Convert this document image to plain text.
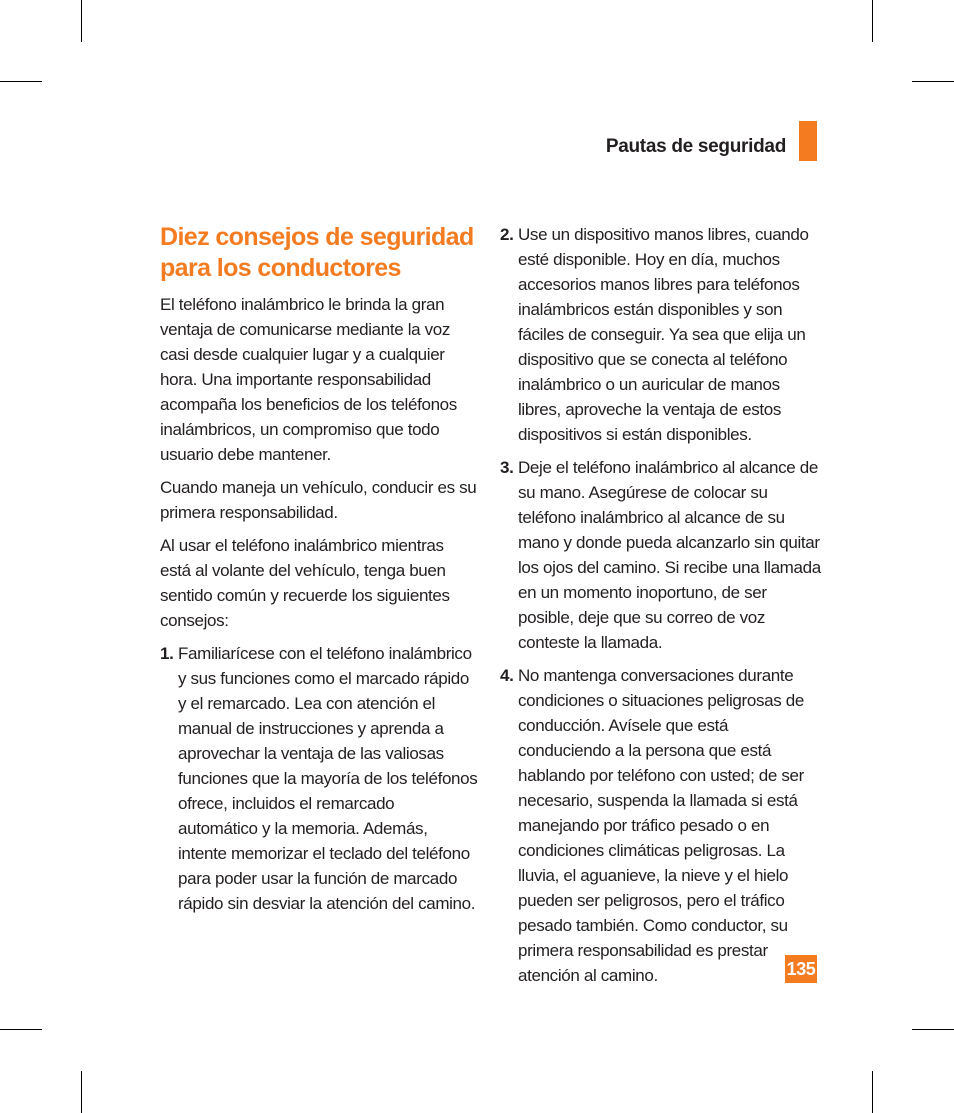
Pautas de seguridad
Diez consejos de seguridad
para los conductores

El teléfono inalámbrico le brinda la gran ventaja de comunicarse mediante la voz casi desde cualquier lugar y a cualquier hora. Una importante responsabilidad acompaña los beneficios de los teléfonos inalámbricos, un compromiso que todo usuario debe mantener.

Cuando maneja un vehículo, conducir es su primera responsabilidad.

Al usar el teléfono inalámbrico mientras está al volante del vehículo, tenga buen sentido común y recuerde los siguientes consejos:

1. Familiarícese con el teléfono inalámbrico y sus funciones como el marcado rápido y el remarcado. Lea con atención el manual de instrucciones y aprenda a aprovechar la ventaja de las valiosas funciones que la mayoría de los teléfonos ofrece, incluidos el remarcado automático y la memoria. Además, intente memorizar el teclado del teléfono para poder usar la función de marcado rápido sin desviar la atención del camino.
2. Use un dispositivo manos libres, cuando esté disponible. Hoy en día, muchos accesorios manos libres para teléfonos inalámbricos están disponibles y son fáciles de conseguir. Ya sea que elija un dispositivo que se conecta al teléfono inalámbrico o un auricular de manos libres, aproveche la ventaja de estos dispositivos si están disponibles.
3. Deje el teléfono inalámbrico al alcance de su mano. Asegúrese de colocar su teléfono inalámbrico al alcance de su mano y donde pueda alcanzarlo sin quitar los ojos del camino. Si recibe una llamada en un momento inoportuno, de ser posible, deje que su correo de voz conteste la llamada.
4. No mantenga conversaciones durante condiciones o situaciones peligrosas de conducción. Avísele que está conduciendo a la persona que está hablando por teléfono con usted; de ser necesario, suspenda la llamada si está manejando por tráfico pesado o en condiciones climáticas peligrosas. La lluvia, el aguanieve, la nieve y el hielo pueden ser peligrosos, pero el tráfico pesado también. Como conductor, su primera responsabilidad es prestar atención al camino.	135
